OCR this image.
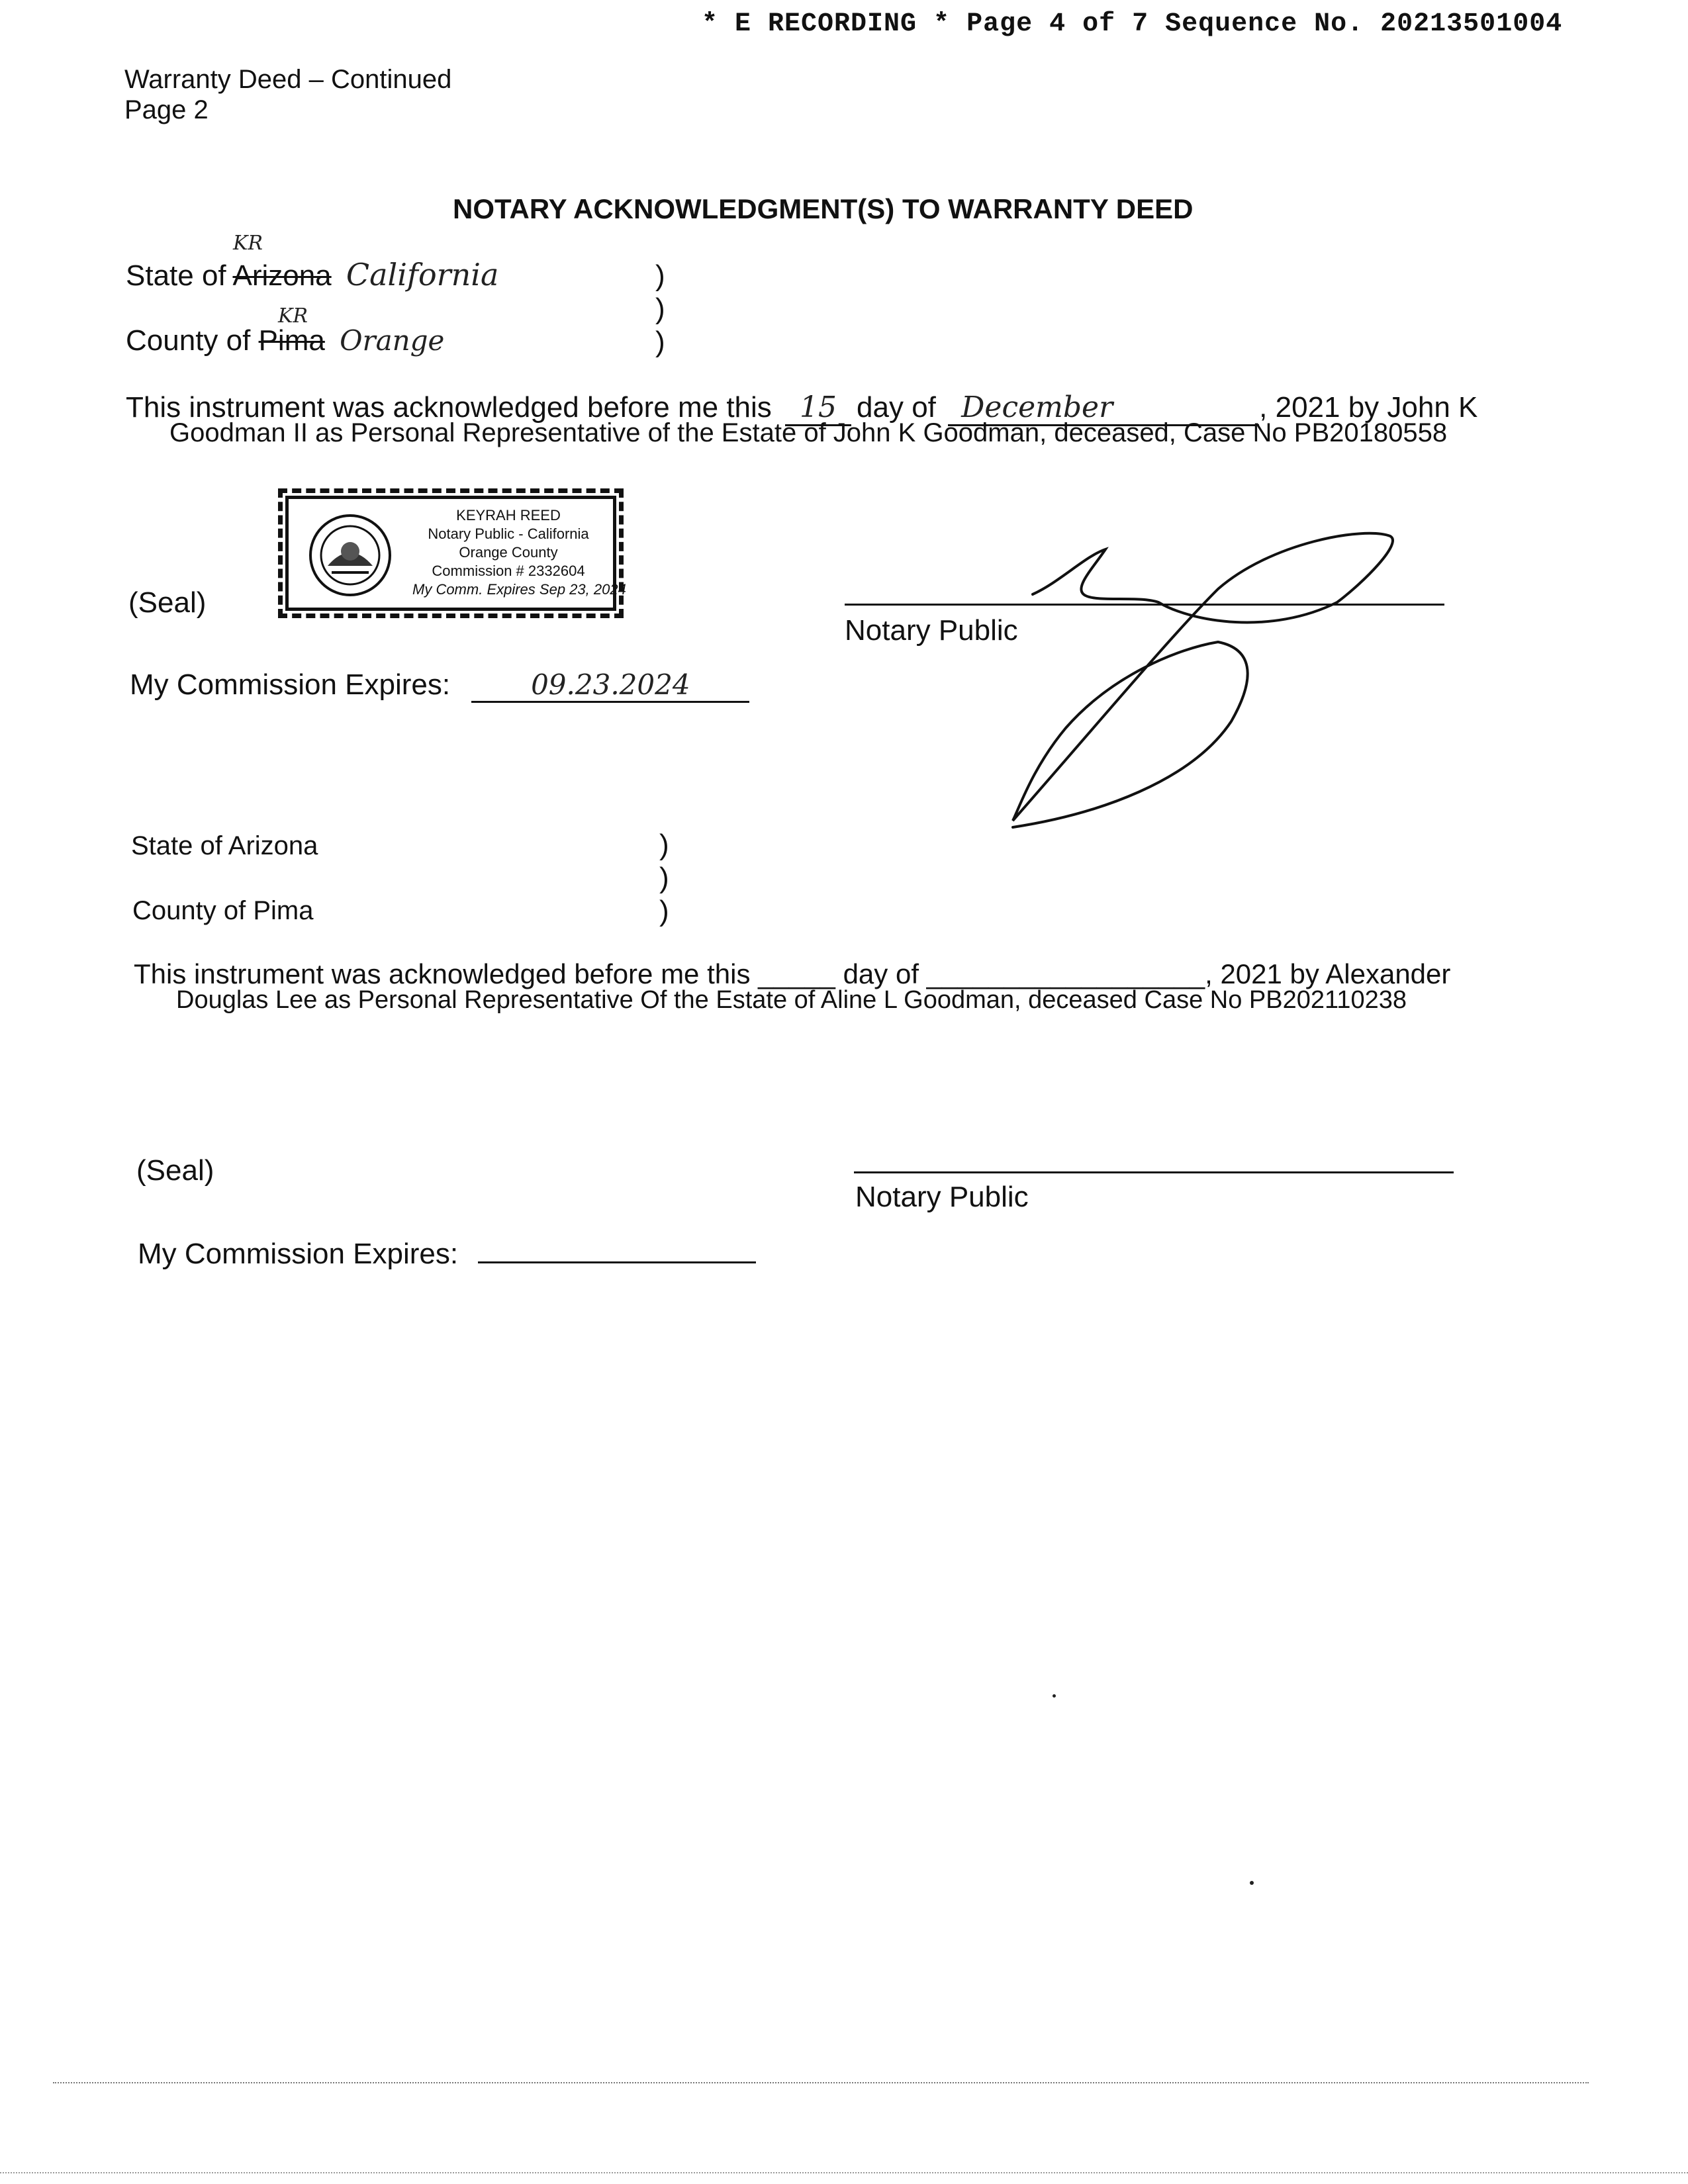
* E RECORDING * Page 4 of 7 Sequence No. 20213501004
Warranty Deed – Continued
Page 2
NOTARY ACKNOWLEDGMENT(S) TO WARRANTY DEED
State of Arizona California
KR
County of Pima Orange
KR
)
)
)
This instrument was acknowledged before me this 15 day of December	, 2021 by John K
Goodman II as Personal Representative of the Estate of John K Goodman, deceased, Case No PB20180558
KEYRAH REED
Notary Public - California
Orange County
Commission # 2332604
My Comm. Expires Sep 23, 2024
(Seal)
Notary Public
My Commission Expires:	09.23.2024
State of Arizona
County of Pima
)
)
)
This instrument was acknowledged before me this _____ day of __________________, 2021 by Alexander
Douglas Lee as Personal Representative Of the Estate of Aline L Goodman, deceased Case No PB202110238
(Seal)
Notary Public
My Commission Expires:
